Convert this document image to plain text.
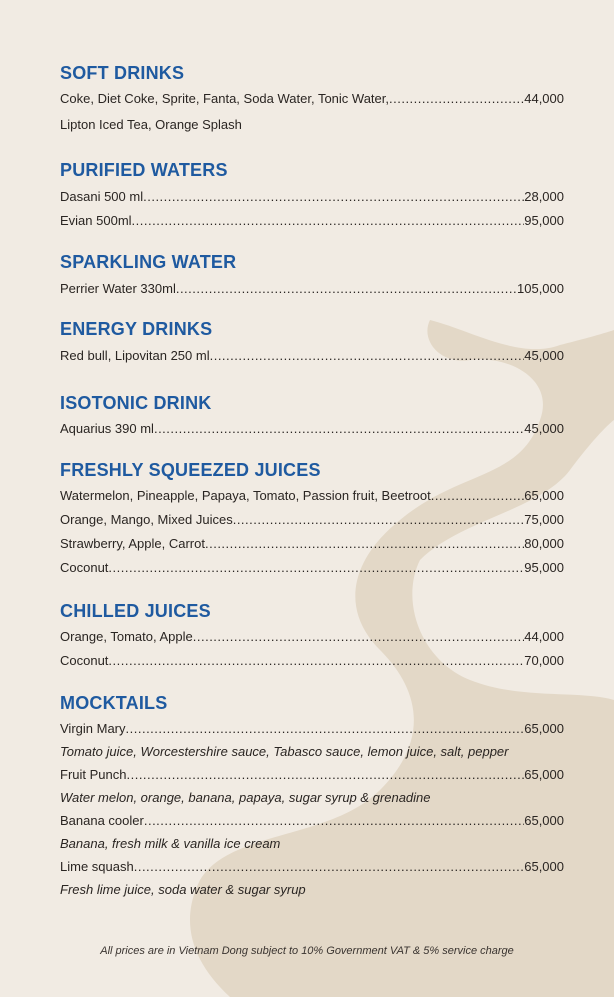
SOFT DRINKS
Coke, Diet Coke, Sprite, Fanta, Soda Water, Tonic Water, .....	44,000
Lipton Iced Tea, Orange Splash
PURIFIED WATERS
Dasani 500 ml .....	28,000
Evian 500ml .....	95,000
SPARKLING WATER
Perrier Water 330ml .....	105,000
ENERGY DRINKS
Red bull, Lipovitan 250 ml .....	45,000
ISOTONIC DRINK
Aquarius 390 ml .....	45,000
FRESHLY SQUEEZED JUICES
Watermelon, Pineapple, Papaya, Tomato, Passion fruit, Beetroot .....	65,000
Orange, Mango, Mixed Juices .....	75,000
Strawberry, Apple, Carrot .....	80,000
Coconut .....	95,000
CHILLED JUICES
Orange, Tomato, Apple .....	44,000
Coconut .....	70,000
MOCKTAILS
Virgin Mary .....	65,000
Tomato juice, Worcestershire sauce, Tabasco sauce, lemon juice, salt, pepper
Fruit Punch .....	65,000
Water melon, orange, banana, papaya, sugar syrup & grenadine
Banana cooler .....	65,000
Banana, fresh milk & vanilla ice cream
Lime squash .....	65,000
Fresh lime juice, soda water & sugar syrup
All prices are in Vietnam Dong subject to 10% Government VAT & 5% service charge
